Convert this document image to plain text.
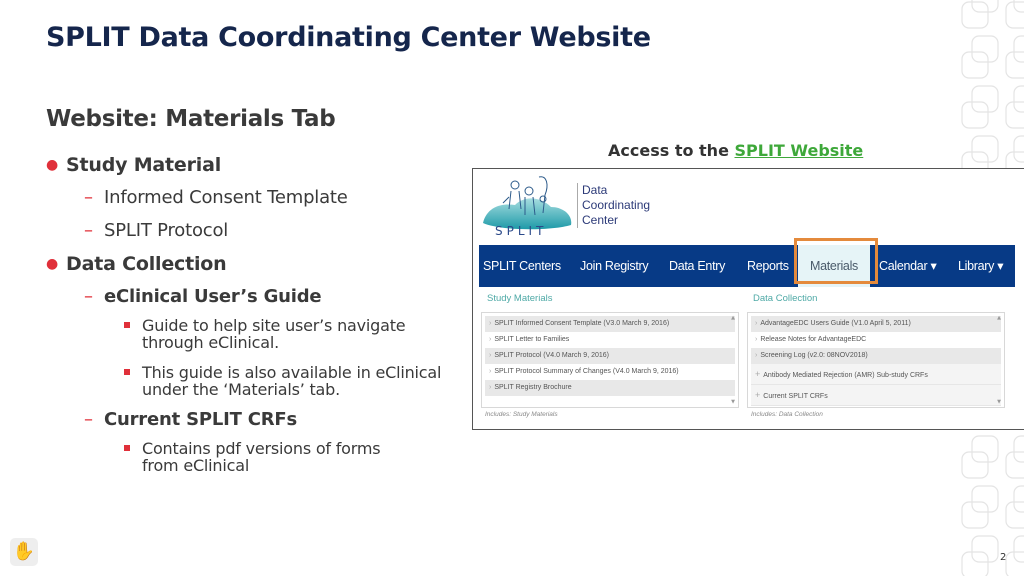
SPLIT Data Coordinating Center Website
Website: Materials Tab
● Study Material
– Informed Consent Template
– SPLIT Protocol
● Data Collection
– eClinical User’s Guide
Guide to help site user’s navigate through eClinical.
This guide is also available in eClinical under the ‘Materials’ tab.
– Current SPLIT CRFs
Contains pdf versions of forms from eClinical
Access to the SPLIT Website
SPLIT
Data
Coordinating
Center
SPLIT Centers Join Registry Data Entry Reports	Materials	Calendar ▾ Library ▾
Study Materials
› SPLIT Informed Consent Template (V3.0 March 9, 2016)
› SPLIT Letter to Families
› SPLIT Protocol (V4.0 March 9, 2016)
› SPLIT Protocol Summary of Changes (V4.0 March 9, 2016)
› SPLIT Registry Brochure
▲
▼
Includes: Study Materials
Data Collection
› AdvantageEDC Users Guide (V1.0 April 5, 2011)
› Release Notes for AdvantageEDC
› Screening Log (v2.0: 08NOV2018)
+ Antibody Mediated Rejection (AMR) Sub-study CRFs
+ Current SPLIT CRFs
▲
▼
Includes: Data Collection
✋	2
